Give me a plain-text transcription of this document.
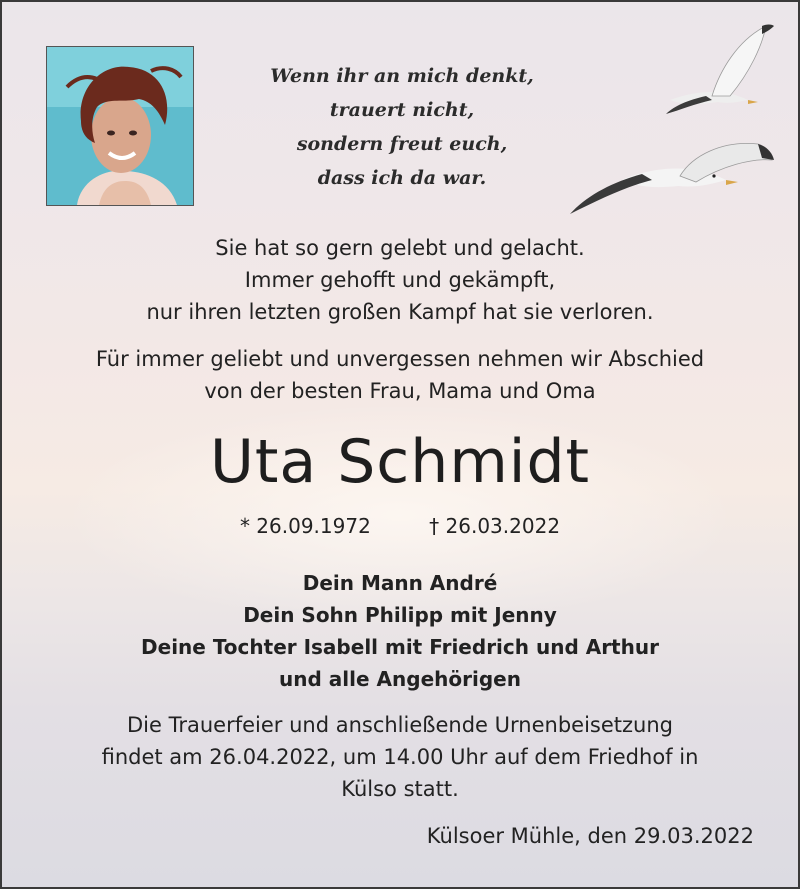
Wenn ihr an mich denkt,
trauert nicht,
sondern freut euch,
dass ich da war.
Sie hat so gern gelebt und gelacht.
Immer gehofft und gekämpft,
nur ihren letzten großen Kampf hat sie verloren.
Für immer geliebt und unvergessen nehmen wir Abschied
von der besten Frau, Mama und Oma
Uta Schmidt
* 26.09.1972	† 26.03.2022
Dein Mann André
Dein Sohn Philipp mit Jenny
Deine Tochter Isabell mit Friedrich und Arthur
und alle Angehörigen
Die Trauerfeier und anschließende Urnenbeisetzung
findet am 26.04.2022, um 14.00 Uhr auf dem Friedhof in
Külso statt.
Külsoer Mühle, den 29.03.2022
